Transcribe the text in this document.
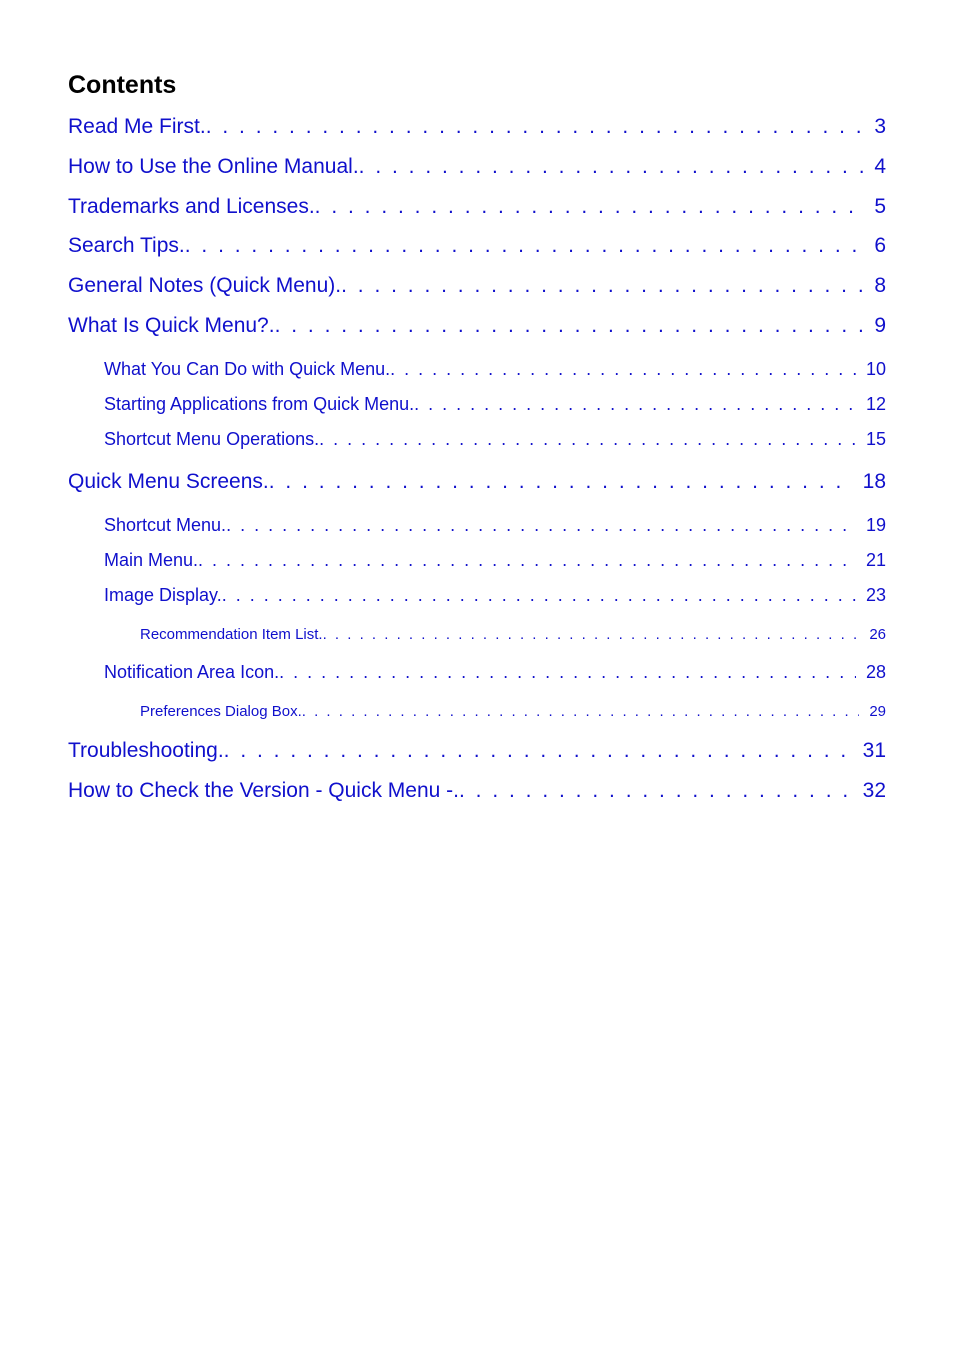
Contents
Read Me First. . . .	3
How to Use the Online Manual. . . .	4
Trademarks and Licenses. . . .	5
Search Tips. . . .	6
General Notes (Quick Menu). . . .	8
What Is Quick Menu?. . . .	9
What You Can Do with Quick Menu. . . .	10
Starting Applications from Quick Menu. . . .	12
Shortcut Menu Operations. . . .	15
Quick Menu Screens. . . .	18
Shortcut Menu. . . .	19
Main Menu. . . .	21
Image Display. . . .	23
Recommendation Item List. . . .	26
Notification Area Icon. . . .	28
Preferences Dialog Box. . . .	29
Troubleshooting. . . .	31
How to Check the Version - Quick Menu -. . . .	32
